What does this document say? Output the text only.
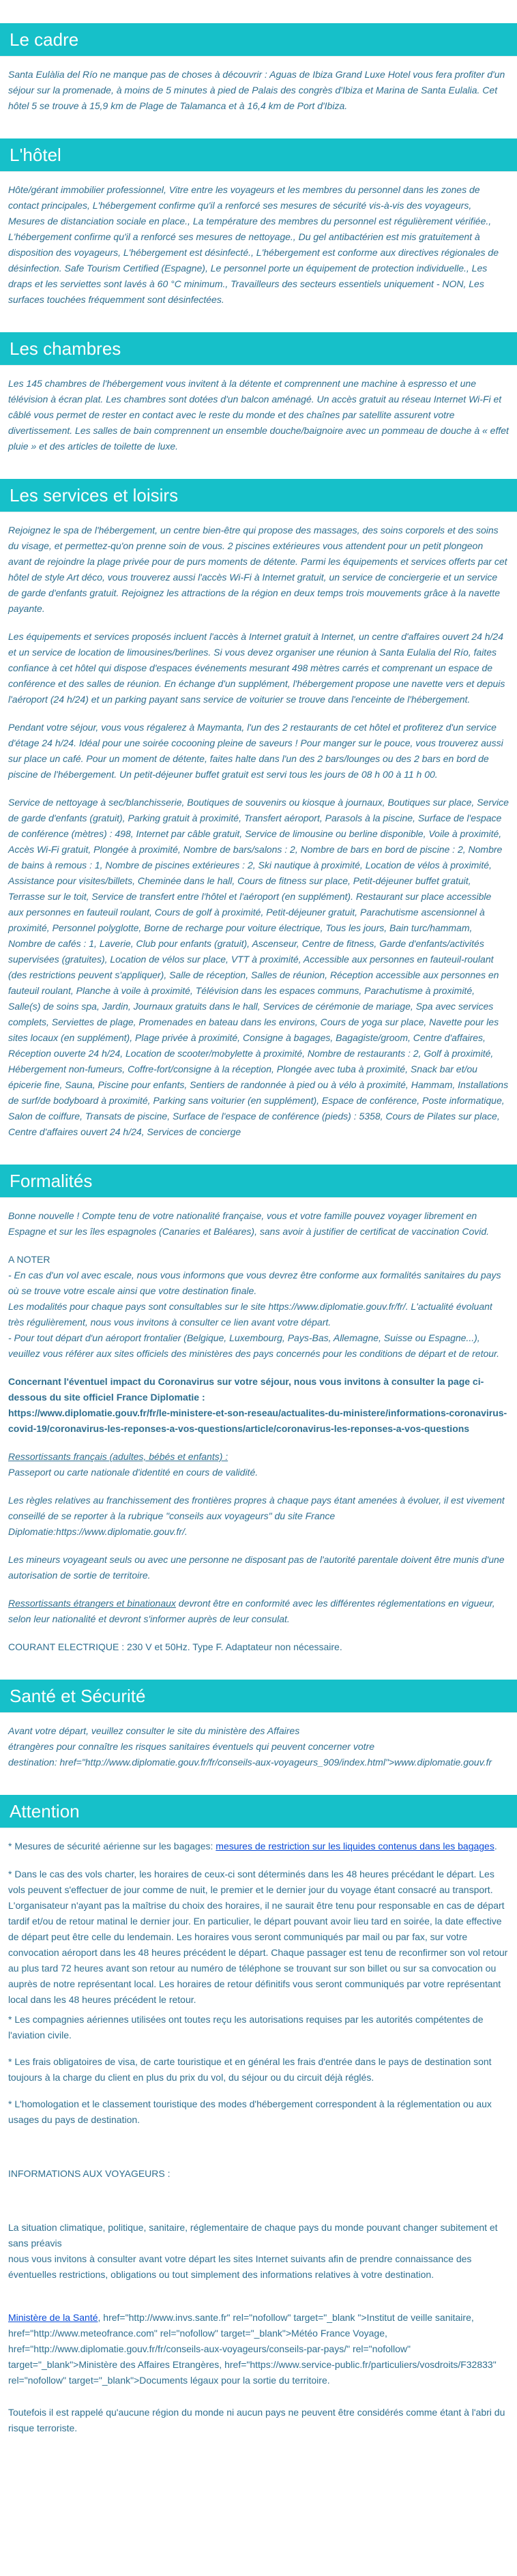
Le cadre

Santa Eulàlia del Río ne manque pas de choses à découvrir : Aguas de Ibiza Grand Luxe Hotel vous fera profiter d'un séjour sur la promenade, à moins de 5 minutes à pied de Palais des congrès d'Ibiza et Marina de Santa Eulalia. Cet hôtel 5 se trouve à 15,9 km de Plage de Talamanca et à 16,4 km de Port d'Ibiza.

L'hôtel

Hôte/gérant immobilier professionnel, Vitre entre les voyageurs et les membres du personnel dans les zones de contact principales, L'hébergement confirme qu'il a renforcé ses mesures de sécurité vis-à-vis des voyageurs, Mesures de distanciation sociale en place., La température des membres du personnel est régulièrement vérifiée., L'hébergement confirme qu'il a renforcé ses mesures de nettoyage., Du gel antibactérien est mis gratuitement à disposition des voyageurs, L'hébergement est désinfecté., L'hébergement est conforme aux directives régionales de désinfection. Safe Tourism Certified (Espagne), Le personnel porte un équipement de protection individuelle., Les draps et les serviettes sont lavés à 60 °C minimum., Travailleurs des secteurs essentiels uniquement - NON, Les surfaces touchées fréquemment sont désinfectées.

Les chambres

Les 145 chambres de l'hébergement vous invitent à la détente et comprennent une machine à espresso et une télévision à écran plat. Les chambres sont dotées d'un balcon aménagé. Un accès gratuit au réseau Internet Wi-Fi et câblé vous permet de rester en contact avec le reste du monde et des chaînes par satellite assurent votre divertissement. Les salles de bain comprennent un ensemble douche/baignoire avec un pommeau de douche à « effet pluie » et des articles de toilette de luxe.

Les services et loisirs

Rejoignez le spa de l'hébergement, un centre bien-être qui propose des massages, des soins corporels et des soins du visage, et permettez-qu'on prenne soin de vous. 2 piscines extérieures vous attendent pour un petit plongeon avant de rejoindre la plage privée pour de purs moments de détente. Parmi les équipements et services offerts par cet hôtel de style Art déco, vous trouverez aussi l'accès Wi-Fi à Internet gratuit, un service de conciergerie et un service de garde d'enfants gratuit. Rejoignez les attractions de la région en deux temps trois mouvements grâce à la navette payante.

Les équipements et services proposés incluent l'accès à Internet gratuit à Internet, un centre d'affaires ouvert 24 h/24 et un service de location de limousines/berlines. Si vous devez organiser une réunion à Santa Eulalia del Río, faites confiance à cet hôtel qui dispose d'espaces événements mesurant 498 mètres carrés et comprenant un espace de conférence et des salles de réunion. En échange d'un supplément, l'hébergement propose une navette vers et depuis l'aéroport (24 h/24) et un parking payant sans service de voiturier se trouve dans l'enceinte de l'hébergement.

Pendant votre séjour, vous vous régalerez à Maymanta, l'un des 2 restaurants de cet hôtel et profiterez d'un service d'étage 24 h/24. Idéal pour une soirée cocooning pleine de saveurs ! Pour manger sur le pouce, vous trouverez aussi sur place un café. Pour un moment de détente, faites halte dans l'un des 2 bars/lounges ou des 2 bars en bord de piscine de l'hébergement. Un petit-déjeuner buffet gratuit est servi tous les jours de 08 h 00 à 11 h 00.

Service de nettoyage à sec/blanchisserie, Boutiques de souvenirs ou kiosque à journaux, Boutiques sur place, Service de garde d'enfants (gratuit), Parking gratuit à proximité, Transfert aéroport, Parasols à la piscine, Surface de l'espace de conférence (mètres) : 498, Internet par câble gratuit, Service de limousine ou berline disponible, Voile à proximité, Accès Wi-Fi gratuit, Plongée à proximité, Nombre de bars/salons : 2, Nombre de bars en bord de piscine : 2, Nombre de bains à remous : 1, Nombre de piscines extérieures : 2, Ski nautique à proximité, Location de vélos à proximité, Assistance pour visites/billets, Cheminée dans le hall, Cours de fitness sur place, Petit-déjeuner buffet gratuit, Terrasse sur le toit, Service de transfert entre l'hôtel et l'aéroport (en supplément). Restaurant sur place accessible aux personnes en fauteuil roulant, Cours de golf à proximité, Petit-déjeuner gratuit, Parachutisme ascensionnel à proximité, Personnel polyglotte, Borne de recharge pour voiture électrique, Tous les jours, Bain turc/hammam, Nombre de cafés : 1, Laverie, Club pour enfants (gratuit), Ascenseur, Centre de fitness, Garde d'enfants/activités supervisées (gratuites), Location de vélos sur place, VTT à proximité, Accessible aux personnes en fauteuil-roulant (des restrictions peuvent s'appliquer), Salle de réception, Salles de réunion, Réception accessible aux personnes en fauteuil roulant, Planche à voile à proximité, Télévision dans les espaces communs, Parachutisme à proximité, Salle(s) de soins spa, Jardin, Journaux gratuits dans le hall, Services de cérémonie de mariage, Spa avec services complets, Serviettes de plage, Promenades en bateau dans les environs, Cours de yoga sur place, Navette pour les sites locaux (en supplément), Plage privée à proximité, Consigne à bagages, Bagagiste/groom, Centre d'affaires, Réception ouverte 24 h/24, Location de scooter/mobylette à proximité, Nombre de restaurants : 2, Golf à proximité, Hébergement non-fumeurs, Coffre-fort/consigne à la réception, Plongée avec tuba à proximité, Snack bar et/ou épicerie fine, Sauna, Piscine pour enfants, Sentiers de randonnée à pied ou à vélo à proximité, Hammam, Installations de surf/de bodyboard à proximité, Parking sans voiturier (en supplément), Espace de conférence, Poste informatique, Salon de coiffure, Transats de piscine, Surface de l'espace de conférence (pieds) : 5358, Cours de Pilates sur place, Centre d'affaires ouvert 24 h/24, Services de concierge

Formalités

Bonne nouvelle ! Compte tenu de votre nationalité française, vous et votre famille pouvez voyager librement en Espagne et sur les îles espagnoles (Canaries et Baléares), sans avoir à justifier de certificat de vaccination Covid.

A NOTER

- En cas d'un vol avec escale, nous vous informons que vous devrez être conforme aux formalités sanitaires du pays où se trouve votre escale ainsi que votre destination finale.
Les modalités pour chaque pays sont consultables sur le site https://www.diplomatie.gouv.fr/fr/. L'actualité évoluant très régulièrement, nous vous invitons à consulter ce lien avant votre départ.
- Pour tout départ d'un aéroport frontalier (Belgique, Luxembourg, Pays-Bas, Allemagne, Suisse ou Espagne...), veuillez vous référer aux sites officiels des ministères des pays concernés pour les conditions de départ et de retour.

Concernant l'éventuel impact du Coronavirus sur votre séjour, nous vous invitons à consulter la page ci-dessous du site officiel France Diplomatie :
https://www.diplomatie.gouv.fr/fr/le-ministere-et-son-reseau/actualites-du-ministere/informations-coronavirus-covid-19/coronavirus-les-reponses-a-vos-questions/article/coronavirus-les-reponses-a-vos-questions

Ressortissants français (adultes, bébés et enfants) :

Passeport ou carte nationale d'identité en cours de validité.

Les règles relatives au franchissement des frontières propres à chaque pays étant amenées à évoluer, il est vivement conseillé de se reporter à la rubrique "conseils aux voyageurs" du site France Diplomatie:https://www.diplomatie.gouv.fr/.

Les mineurs voyageant seuls ou avec une personne ne disposant pas de l'autorité parentale doivent être munis d'une autorisation de sortie de territoire.

Ressortissants étrangers et binationaux devront être en conformité avec les différentes réglementations en vigueur, selon leur nationalité et devront s'informer auprès de leur consulat.

COURANT ELECTRIQUE : 230 V et 50Hz. Type F. Adaptateur non nécessaire.

Santé et Sécurité

Avant votre départ, veuillez consulter le site du ministère des Affaires
étrangères pour connaître les risques sanitaires éventuels qui peuvent concerner votre
destination: href="http://www.diplomatie.gouv.fr/fr/conseils-aux-voyageurs_909/index.html">www.diplomatie.gouv.fr

Attention

* Mesures de sécurité aérienne sur les bagages: mesures de restriction sur les liquides contenus dans les bagages.

* Dans le cas des vols charter, les horaires de ceux-ci sont déterminés dans les 48 heures précédant le départ. Les vols peuvent s'effectuer de jour comme de nuit, le premier et le dernier jour du voyage étant consacré au transport. L'organisateur n'ayant pas la maîtrise du choix des horaires, il ne saurait être tenu pour responsable en cas de départ tardif et/ou de retour matinal le dernier jour. En particulier, le départ pouvant avoir lieu tard en soirée, la date effective de départ peut être celle du lendemain. Les horaires vous seront communiqués par mail ou par fax, sur votre convocation aéroport dans les 48 heures précédent le départ. Chaque passager est tenu de reconfirmer son vol retour au plus tard 72 heures avant son retour au numéro de téléphone se trouvant sur son billet ou sur sa convocation ou auprès de notre représentant local. Les horaires de retour définitifs vous seront communiqués par votre représentant local dans les 48 heures précédent le retour.

* Les compagnies aériennes utilisées ont toutes reçu les autorisations requises par les autorités compétentes de l'aviation civile.

* Les frais obligatoires de visa, de carte touristique et en général les frais d'entrée dans le pays de destination sont toujours à la charge du client en plus du prix du vol, du séjour ou du circuit déjà réglés.

* L'homologation et le classement touristique des modes d'hébergement correspondent à la réglementation ou aux usages du pays de destination.

INFORMATIONS AUX VOYAGEURS :

La situation climatique, politique, sanitaire, réglementaire de chaque pays du monde pouvant changer subitement et sans préavis
nous vous invitons à consulter avant votre départ les sites Internet suivants afin de prendre connaissance des éventuelles restrictions, obligations ou tout simplement des informations relatives à votre destination.

Ministère de la Santé, href="http://www.invs.sante.fr" rel="nofollow" target="_blank ">Institut de veille sanitaire, href="http://www.meteofrance.com" rel="nofollow" target="_blank">Météo France Voyage, href="http://www.diplomatie.gouv.fr/fr/conseils-aux-voyageurs/conseils-par-pays/" rel="nofollow" target="_blank">Ministère des Affaires Etrangères, href="https://www.service-public.fr/particuliers/vosdroits/F32833" rel="nofollow" target="_blank">Documents légaux pour la sortie du territoire.

Toutefois il est rappelé qu'aucune région du monde ni aucun pays ne peuvent être considérés comme étant à l'abri du risque terroriste.
